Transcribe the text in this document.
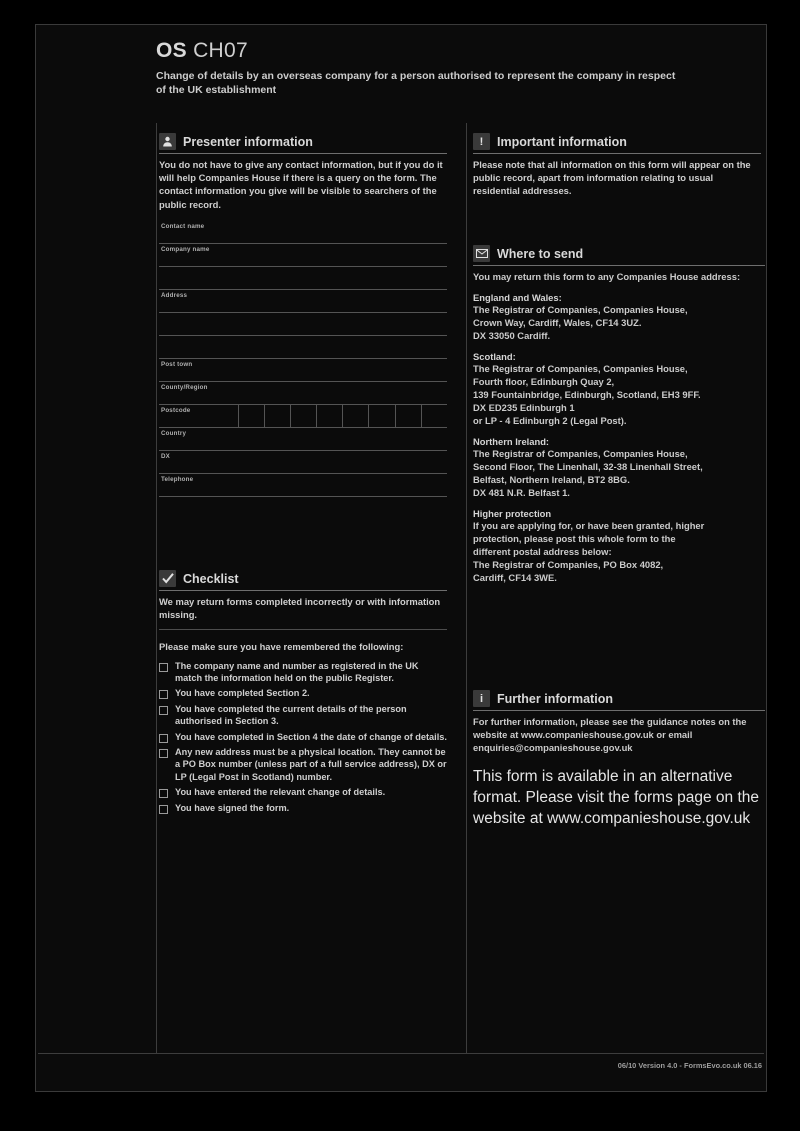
OS CH07
Change of details by an overseas company for a person authorised to represent the company in respect of the UK establishment
Presenter information
You do not have to give any contact information, but if you do it will help Companies House if there is a query on the form. The contact information you give will be visible to searchers of the public record.
Contact name
Company name
Address
Post town
County/Region
Postcode
Country
DX
Telephone
Checklist
We may return forms completed incorrectly or with information missing.
Please make sure you have remembered the following:
The company name and number as registered in the UK match the information held on the public Register.
You have completed Section 2.
You have completed the current details of the person authorised in Section 3.
You have completed in Section 4 the date of change of details.
Any new address must be a physical location. They cannot be a PO Box number (unless part of a full service address), DX or LP (Legal Post in Scotland) number.
You have entered the relevant change of details.
You have signed the form.
!	Important information
Please note that all information on this form will appear on the public record, apart from information relating to usual residential addresses.
Where to send
You may return this form to any Companies House address:
England and Wales:
The Registrar of Companies, Companies House,
Crown Way, Cardiff, Wales, CF14 3UZ.
DX 33050 Cardiff.
Scotland:
The Registrar of Companies, Companies House,
Fourth floor, Edinburgh Quay 2,
139 Fountainbridge, Edinburgh, Scotland, EH3 9FF.
DX ED235 Edinburgh 1
or LP - 4 Edinburgh 2 (Legal Post).
Northern Ireland:
The Registrar of Companies, Companies House,
Second Floor, The Linenhall, 32-38 Linenhall Street,
Belfast, Northern Ireland, BT2 8BG.
DX 481 N.R. Belfast 1.
Higher protection
If you are applying for, or have been granted, higher
protection, please post this whole form to the
different postal address below:
The Registrar of Companies, PO Box 4082,
Cardiff, CF14 3WE.
i	Further information
For further information, please see the guidance notes on the website at www.companieshouse.gov.uk or email enquiries@companieshouse.gov.uk
This form is available in an alternative format. Please visit the forms page on the website at www.companieshouse.gov.uk
06/10 Version 4.0 - FormsEvo.co.uk 06.16
